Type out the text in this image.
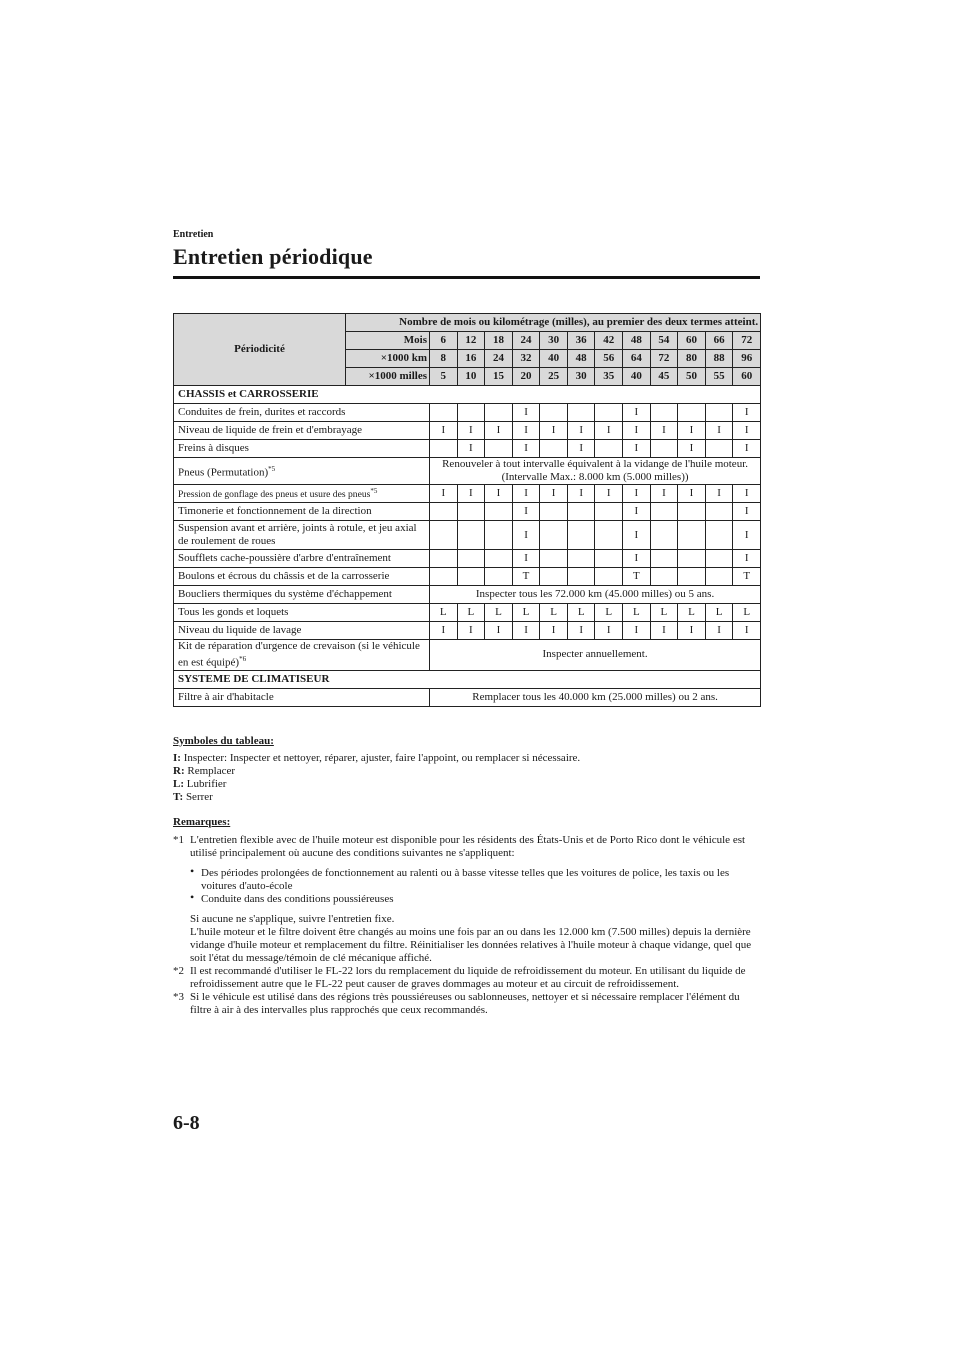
Entretien

Entretien périodique
Périodicité	Nombre de mois ou kilométrage (milles), au premier des deux termes atteint.												
	Mois	6	12	18	24	30	36	42	48	54	60	66	72
	×1000 km	8	16	24	32	40	48	56	64	72	80	88	96
	×1000 milles	5	10	15	20	25	30	35	40	45	50	55	60
CHASSIS et CARROSSERIE													
Conduites de frein, durites et raccords					I				I				I
Niveau de liquide de frein et d'embrayage		I	I	I	I	I	I	I	I	I	I	I	I
Freins à disques			I		I		I		I		I		I
Pneus (Permutation)$^{*5}$		Renouveler à tout intervalle équivalent à la vidange de l'huile moteur. (Intervalle Max.: 8.000 km (5.000 milles))											
Pression de gonflage des pneus et usure des pneus$^{*5}$		I	I	I	I	I	I	I	I	I	I	I	I
Timonerie et fonctionnement de la direction					I				I				I
Suspension avant et arrière, joints à rotule, et jeu axial de roulement de roues					I				I				I
Soufflets cache-poussière d'arbre d'entraînement					I				I				I
Boulons et écrous du châssis et de la carrosserie					T				T				T
Boucliers thermiques du système d'échappement		Inspecter tous les 72.000 km (45.000 milles) ou 5 ans.											
Tous les gonds et loquets		L	L	L	L	L	L	L	L	L	L	L	L
Niveau du liquide de lavage		I	I	I	I	I	I	I	I	I	I	I	I
Kit de réparation d'urgence de crevaison (si le véhicule en est équipé)$^{*6}$		Inspecter annuellement.											
SYSTEME DE CLIMATISEUR													
Filtre à air d'habitacle		Remplacer tous les 40.000 km (25.000 milles) ou 2 ans.											
Symboles du tableau:
I: Inspecter: Inspecter et nettoyer, réparer, ajuster, faire l'appoint, ou remplacer si nécessaire.
R: Remplacer
L: Lubrifier
T: Serrer
Remarques:
*1 L'entretien flexible avec de l'huile moteur est disponible pour les résidents des États-Unis et de Porto Rico dont le véhicule est utilisé principalement où aucune des conditions suivantes ne s'appliquent:
• Des périodes prolongées de fonctionnement au ralenti ou à basse vitesse telles que les voitures de police, les taxis ou les voitures d'auto-école
• Conduite dans des conditions poussiéreuses
Si aucune ne s'applique, suivre l'entretien fixe.
L'huile moteur et le filtre doivent être changés au moins une fois par an ou dans les 12.000 km (7.500 milles) depuis la dernière vidange d'huile moteur et remplacement du filtre. Réinitialiser les données relatives à l'huile moteur à chaque vidange, quel que soit l'état du message/témoin de clé mécanique affiché.
*2 Il est recommandé d'utiliser le FL-22 lors du remplacement du liquide de refroidissement du moteur. En utilisant du liquide de refroidissement autre que le FL-22 peut causer de graves dommages au moteur et au circuit de refroidissement.
*3 Si le véhicule est utilisé dans des régions très poussiéreuses ou sablonneuses, nettoyer et si nécessaire remplacer l'élément du filtre à air à des intervalles plus rapprochés que ceux recommandés.
6-8
